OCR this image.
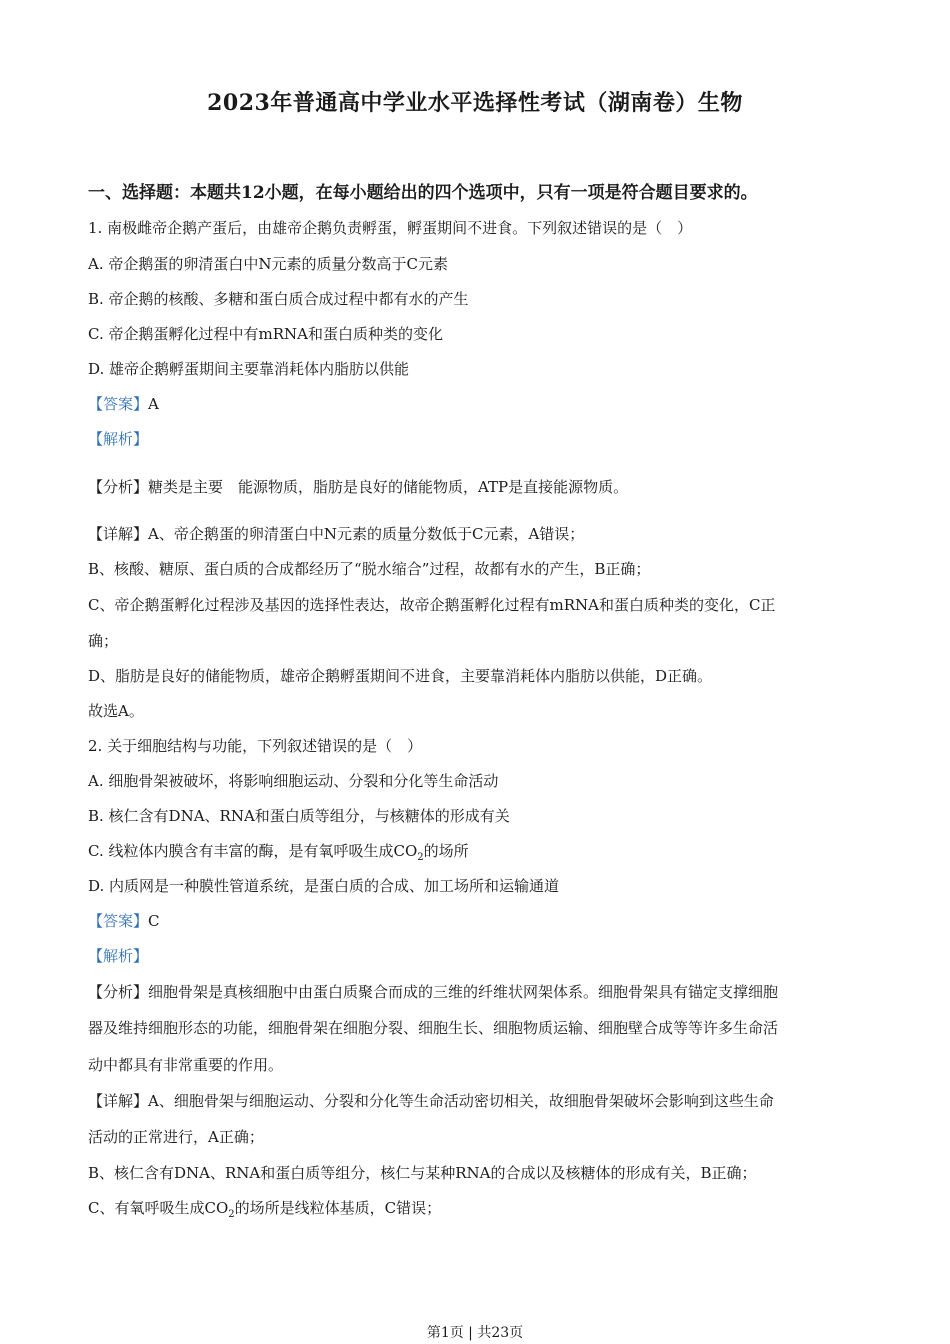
2023年普通高中学业水平选择性考试（湖南卷）生物
一、选择题：本题共12小题，在每小题给出的四个选项中，只有一项是符合题目要求的。
1. 南极雌帝企鹅产蛋后，由雄帝企鹅负责孵蛋，孵蛋期间不进食。下列叙述错误的是（　）
A. 帝企鹅蛋的卵清蛋白中N元素的质量分数高于C元素
B. 帝企鹅的核酸、多糖和蛋白质合成过程中都有水的产生
C. 帝企鹅蛋孵化过程中有mRNA和蛋白质种类的变化
D. 雄帝企鹅孵蛋期间主要靠消耗体内脂肪以供能
【答案】A
【解析】
【分析】糖类是主要　能源物质，脂肪是良好的储能物质，ATP是直接能源物质。
【详解】A、帝企鹅蛋的卵清蛋白中N元素的质量分数低于C元素，A错误；
B、核酸、糖原、蛋白质的合成都经历了“脱水缩合”过程，故都有水的产生，B正确；
C、帝企鹅蛋孵化过程涉及基因的选择性表达，故帝企鹅蛋孵化过程有mRNA和蛋白质种类的变化，C正
确；
D、脂肪是良好的储能物质，雄帝企鹅孵蛋期间不进食，主要靠消耗体内脂肪以供能，D正确。
故选A。
2. 关于细胞结构与功能，下列叙述错误的是（　）
A. 细胞骨架被破坏，将影响细胞运动、分裂和分化等生命活动
B. 核仁含有DNA、RNA和蛋白质等组分，与核糖体的形成有关
C. 线粒体内膜含有丰富的酶，是有氧呼吸生成$CO_2$的场所
D. 内质网是一种膜性管道系统，是蛋白质的合成、加工场所和运输通道
【答案】C
【解析】
【分析】细胞骨架是真核细胞中由蛋白质聚合而成的三维的纤维状网架体系。细胞骨架具有锚定支撑细胞
器及维持细胞形态的功能，细胞骨架在细胞分裂、细胞生长、细胞物质运输、细胞壁合成等等许多生命活
动中都具有非常重要的作用。
【详解】A、细胞骨架与细胞运动、分裂和分化等生命活动密切相关，故细胞骨架破坏会影响到这些生命
活动的正常进行，A正确；
B、核仁含有DNA、RNA和蛋白质等组分，核仁与某种RNA的合成以及核糖体的形成有关，B正确；
C、有氧呼吸生成$CO_2$的场所是线粒体基质，C错误；
第1页 | 共23页
